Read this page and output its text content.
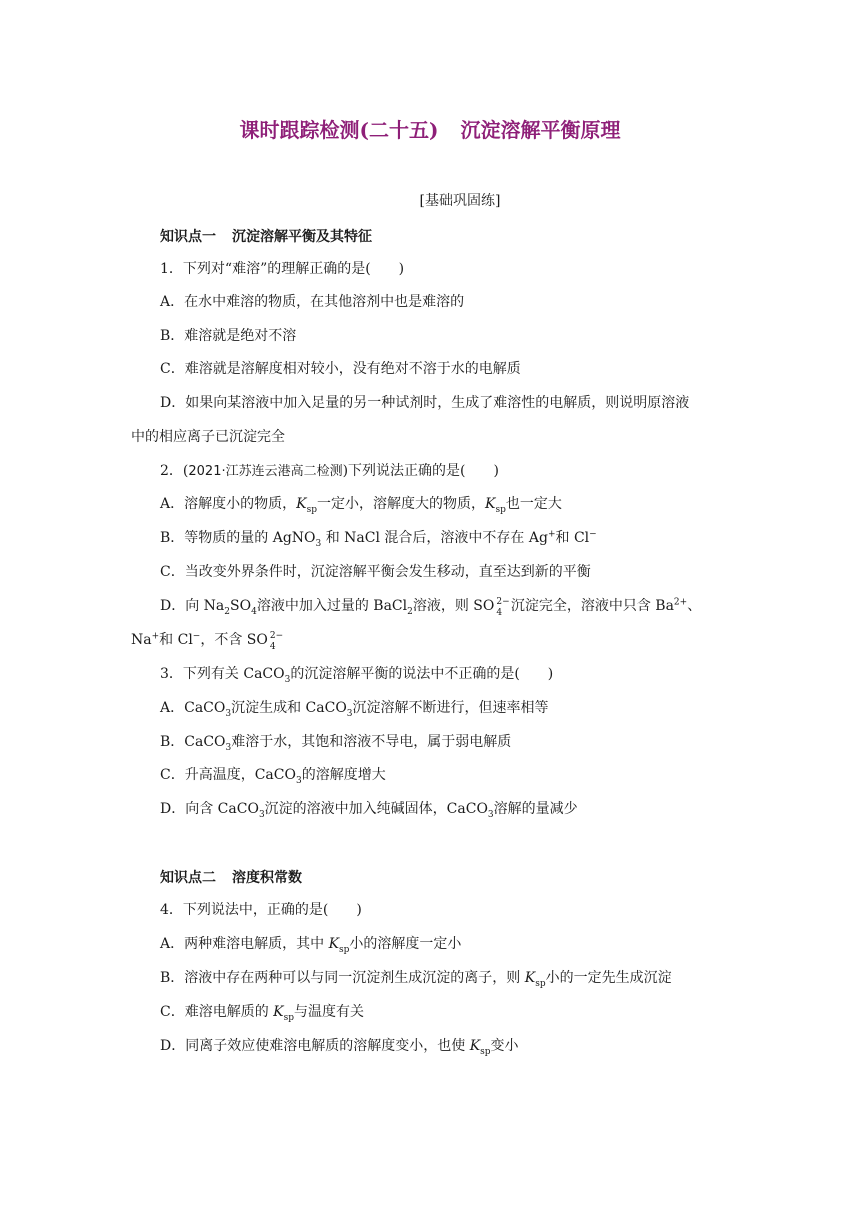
课时跟踪检测(二十五) 沉淀溶解平衡原理
[基础巩固练]
知识点一 沉淀溶解平衡及其特征
1．下列对“难溶”的理解正确的是(　　)
A．在水中难溶的物质，在其他溶剂中也是难溶的
B．难溶就是绝对不溶
C．难溶就是溶解度相对较小，没有绝对不溶于水的电解质
D．如果向某溶液中加入足量的另一种试剂时，生成了难溶性的电解质，则说明原溶液
中的相应离子已沉淀完全
2．(2021·江苏连云港高二检测)下列说法正确的是(　　)
A．溶解度小的物质，$K_{sp}$一定小，溶解度大的物质，$K_{sp}$也一定大
B．等物质的量的 AgNO$_3$ 和 NaCl 混合后，溶液中不存在 Ag+和 Cl−
C．当改变外界条件时，沉淀溶解平衡会发生移动，直至达到新的平衡
D．向 $Na_2SO_4$溶液中加入过量的 BaCl$_2$溶液，则 SO 2−
4 沉淀完全，溶液中只含 $Ba^{2+}$、
Na+和 Cl−，不含 SO 2−
4
3．下列有关 CaCO$_3$的沉淀溶解平衡的说法中不正确的是(　　)
A．CaCO$_3$沉淀生成和 CaCO$_3$沉淀溶解不断进行，但速率相等
B．CaCO$_3$难溶于水，其饱和溶液不导电，属于弱电解质
C．升高温度，CaCO$_3$的溶解度增大
D．向含 CaCO$_3$沉淀的溶液中加入纯碱固体，CaCO$_3$溶解的量减少
知识点二 溶度积常数
4．下列说法中，正确的是(　　)
A．两种难溶电解质，其中 $K_{sp}$小的溶解度一定小
B．溶液中存在两种可以与同一沉淀剂生成沉淀的离子，则 $K_{sp}$小的一定先生成沉淀
C．难溶电解质的 $K_{sp}$与温度有关
D．同离子效应使难溶电解质的溶解度变小，也使 $K_{sp}$变小
